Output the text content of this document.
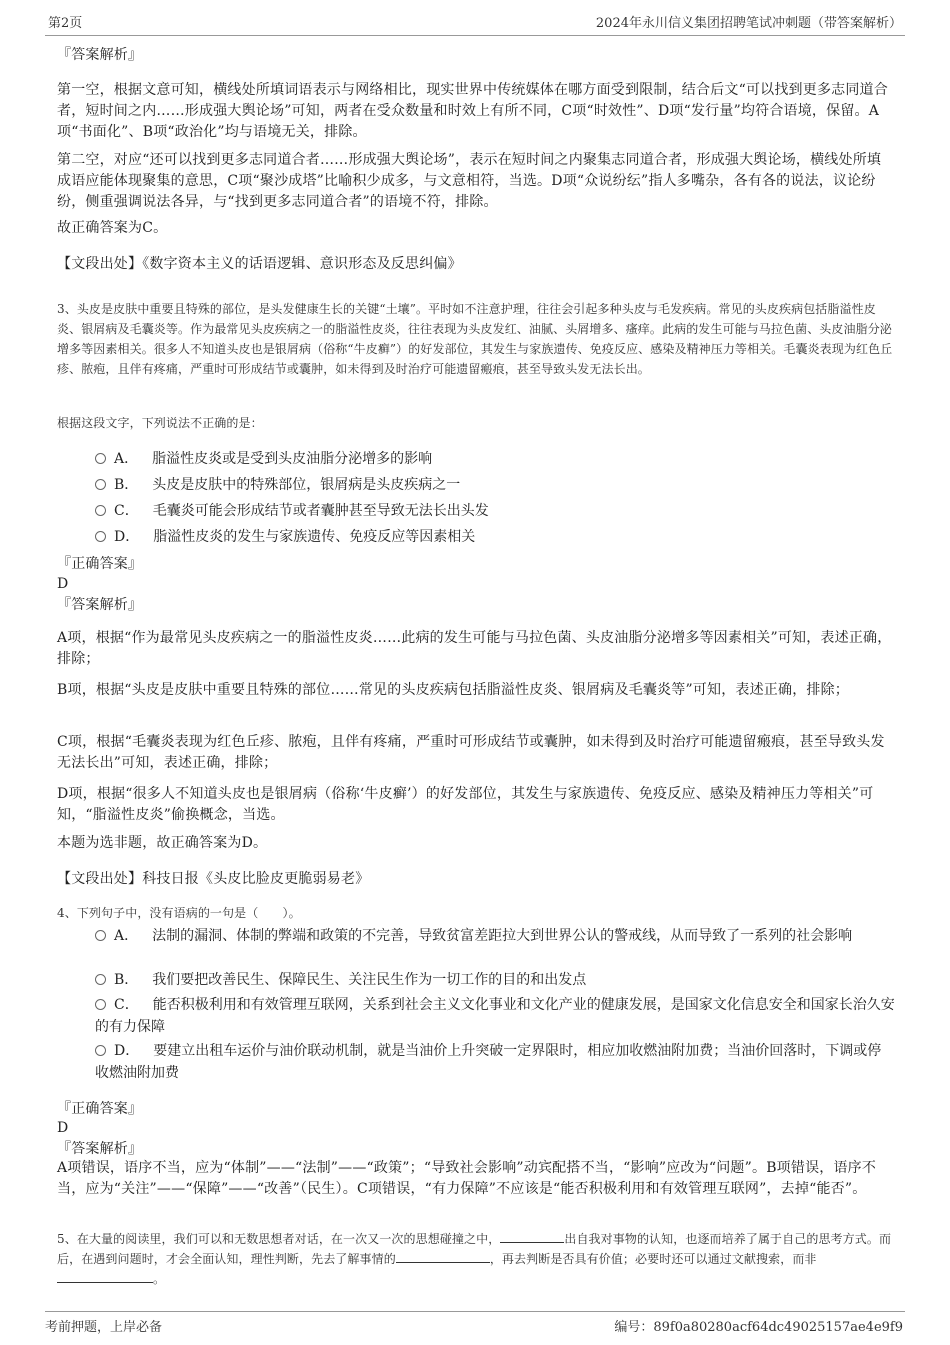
第2页	2024年永川信义集团招聘笔试冲刺题（带答案解析）
『答案解析』
第一空，根据文意可知，横线处所填词语表示与网络相比，现实世界中传统媒体在哪方面受到限制，结合后文“可以找到更多志同道合者，短时间之内……形成强大舆论场”可知，两者在受众数量和时效上有所不同，C项“时效性”、D项“发行量”均符合语境，保留。A项“书面化”、B项“政治化”均与语境无关，排除。
第二空，对应“还可以找到更多志同道合者……形成强大舆论场”，表示在短时间之内聚集志同道合者，形成强大舆论场，横线处所填成语应能体现聚集的意思，C项“聚沙成塔”比喻积少成多，与文意相符，当选。D项“众说纷纭”指人多嘴杂，各有各的说法，议论纷纷，侧重强调说法各异，与“找到更多志同道合者”的语境不符，排除。
故正确答案为C。
【文段出处】《数字资本主义的话语逻辑、意识形态及反思纠偏》
3、头皮是皮肤中重要且特殊的部位，是头发健康生长的关键“土壤”。平时如不注意护理，往往会引起多种头皮与毛发疾病。常见的头皮疾病包括脂溢性皮炎、银屑病及毛囊炎等。作为最常见头皮疾病之一的脂溢性皮炎，往往表现为头皮发红、油腻、头屑增多、瘙痒。此病的发生可能与马拉色菌、头皮油脂分泌增多等因素相关。很多人不知道头皮也是银屑病（俗称“牛皮癣”）的好发部位，其发生与家族遗传、免疫反应、感染及精神压力等相关。毛囊炎表现为红色丘疹、脓疱，且伴有疼痛，严重时可形成结节或囊肿，如未得到及时治疗可能遗留瘢痕，甚至导致头发无法长出。
根据这段文字，下列说法不正确的是：
A． 脂溢性皮炎或是受到头皮油脂分泌增多的影响
B． 头皮是皮肤中的特殊部位，银屑病是头皮疾病之一
C． 毛囊炎可能会形成结节或者囊肿甚至导致无法长出头发
D． 脂溢性皮炎的发生与家族遗传、免疫反应等因素相关
『正确答案』
D
『答案解析』
A项，根据“作为最常见头皮疾病之一的脂溢性皮炎……此病的发生可能与马拉色菌、头皮油脂分泌增多等因素相关”可知，表述正确，排除；
B项，根据“头皮是皮肤中重要且特殊的部位……常见的头皮疾病包括脂溢性皮炎、银屑病及毛囊炎等”可知，表述正确，排除；
C项，根据“毛囊炎表现为红色丘疹、脓疱，且伴有疼痛，严重时可形成结节或囊肿，如未得到及时治疗可能遗留瘢痕，甚至导致头发无法长出”可知，表述正确，排除；
D项，根据“很多人不知道头皮也是银屑病（俗称‘牛皮癣’）的好发部位，其发生与家族遗传、免疫反应、感染及精神压力等相关”可知，“脂溢性皮炎”偷换概念，当选。
本题为选非题，故正确答案为D。
【文段出处】科技日报《头皮比脸皮更脆弱易老》
4、下列句子中，没有语病的一句是（　　）。
A． 法制的漏洞、体制的弊端和政策的不完善，导致贫富差距拉大到世界公认的警戒线，从而导致了一系列的社会影响
B． 我们要把改善民生、保障民生、关注民生作为一切工作的目的和出发点
C． 能否积极利用和有效管理互联网，关系到社会主义文化事业和文化产业的健康发展，是国家文化信息安全和国家长治久安的有力保障
D． 要建立出租车运价与油价联动机制，就是当油价上升突破一定界限时，相应加收燃油附加费；当油价回落时，下调或停收燃油附加费
『正确答案』
D
『答案解析』
A项错误，语序不当，应为“体制”——“法制”——“政策”；“导致社会影响”动宾配搭不当，“影响”应改为“问题”。B项错误，语序不当，应为“关注”——“保障”——“改善”（民生）。C项错误，“有力保障”不应该是“能否积极利用和有效管理互联网”，去掉“能否”。
5、在大量的阅读里，我们可以和无数思想者对话，在一次又一次的思想碰撞之中，	出自我对事物的认知，也逐而培养了属于自己的思考方式。而后，在遇到问题时，才会全面认知，理性判断，先去了解事情的	，再去判断是否具有价值；必要时还可以通过文献搜索，而非。
考前押题，上岸必备	编号：89f0a80280acf64dc49025157ae4e9f9
